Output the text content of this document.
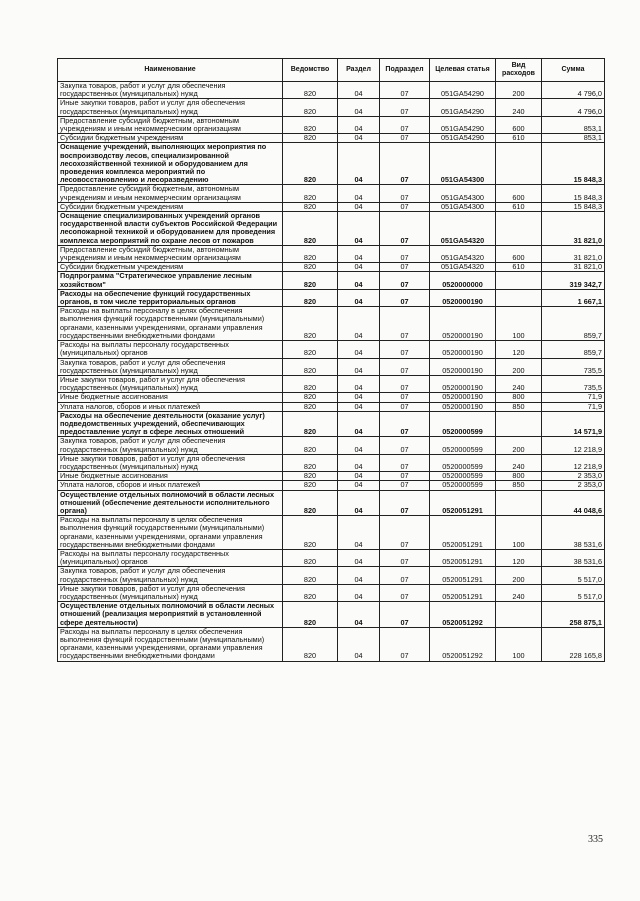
Наименование	Ведомство	Раздел	Подраздел	Целевая статья	Вид расходов	Сумма
Закупка товаров, работ и услуг для обеспечения государственных (муниципальных) нужд	820	04	07	051GA54290	200	4 796,0
Иные закупки товаров, работ и услуг для обеспечения государственных (муниципальных) нужд	820	04	07	051GA54290	240	4 796,0
Предоставление субсидий бюджетным, автономным учреждениям и иным некоммерческим организациям	820	04	07	051GA54290	600	853,1
Субсидии бюджетным учреждениям	820	04	07	051GA54290	610	853,1
Оснащение учреждений, выполняющих мероприятия по воспроизводству лесов, специализированной лесохозяйственной техникой и оборудованием для проведения комплекса мероприятий по лесовосстановлению и лесоразведению	820	04	07	051GA54300		15 848,3
Предоставление субсидий бюджетным, автономным учреждениям и иным некоммерческим организациям	820	04	07	051GA54300	600	15 848,3
Субсидии бюджетным учреждениям	820	04	07	051GA54300	610	15 848,3
Оснащение специализированных учреждений органов государственной власти субъектов Российской Федерации лесопожарной техникой и оборудованием для проведения комплекса мероприятий по охране лесов от пожаров	820	04	07	051GA54320		31 821,0
Предоставление субсидий бюджетным, автономным учреждениям и иным некоммерческим организациям	820	04	07	051GA54320	600	31 821,0
Субсидии бюджетным учреждениям	820	04	07	051GA54320	610	31 821,0
Подпрограмма "Стратегическое управление лесным хозяйством"	820	04	07	0520000000		319 342,7
Расходы на обеспечение функций государственных органов, в том числе территориальных органов	820	04	07	0520000190		1 667,1
Расходы на выплаты персоналу в целях обеспечения выполнения функций государственными (муниципальными) органами, казенными учреждениями, органами управления государственными внебюджетными фондами	820	04	07	0520000190	100	859,7
Расходы на выплаты персоналу государственных (муниципальных) органов	820	04	07	0520000190	120	859,7
Закупка товаров, работ и услуг для обеспечения государственных (муниципальных) нужд	820	04	07	0520000190	200	735,5
Иные закупки товаров, работ и услуг для обеспечения государственных (муниципальных) нужд	820	04	07	0520000190	240	735,5
Иные бюджетные ассигнования	820	04	07	0520000190	800	71,9
Уплата налогов, сборов и иных платежей	820	04	07	0520000190	850	71,9
Расходы на обеспечение деятельности (оказание услуг) подведомственных учреждений, обеспечивающих предоставление услуг в сфере лесных отношений	820	04	07	0520000599		14 571,9
Закупка товаров, работ и услуг для обеспечения государственных (муниципальных) нужд	820	04	07	0520000599	200	12 218,9
Иные закупки товаров, работ и услуг для обеспечения государственных (муниципальных) нужд	820	04	07	0520000599	240	12 218,9
Иные бюджетные ассигнования	820	04	07	0520000599	800	2 353,0
Уплата налогов, сборов и иных платежей	820	04	07	0520000599	850	2 353,0
Осуществление отдельных полномочий в области лесных отношений (обеспечение деятельности исполнительного органа)	820	04	07	0520051291		44 048,6
Расходы на выплаты персоналу в целях обеспечения выполнения функций государственными (муниципальными) органами, казенными учреждениями, органами управления государственными внебюджетными фондами	820	04	07	0520051291	100	38 531,6
Расходы на выплаты персоналу государственных (муниципальных) органов	820	04	07	0520051291	120	38 531,6
Закупка товаров, работ и услуг для обеспечения государственных (муниципальных) нужд	820	04	07	0520051291	200	5 517,0
Иные закупки товаров, работ и услуг для обеспечения государственных (муниципальных) нужд	820	04	07	0520051291	240	5 517,0
Осуществление отдельных полномочий в области лесных отношений (реализация мероприятий в установленной сфере деятельности)	820	04	07	0520051292		258 875,1
Расходы на выплаты персоналу в целях обеспечения выполнения функций государственными (муниципальными) органами, казенными учреждениями, органами управления государственными внебюджетными фондами	820	04	07	0520051292	100	228 165,8
335
